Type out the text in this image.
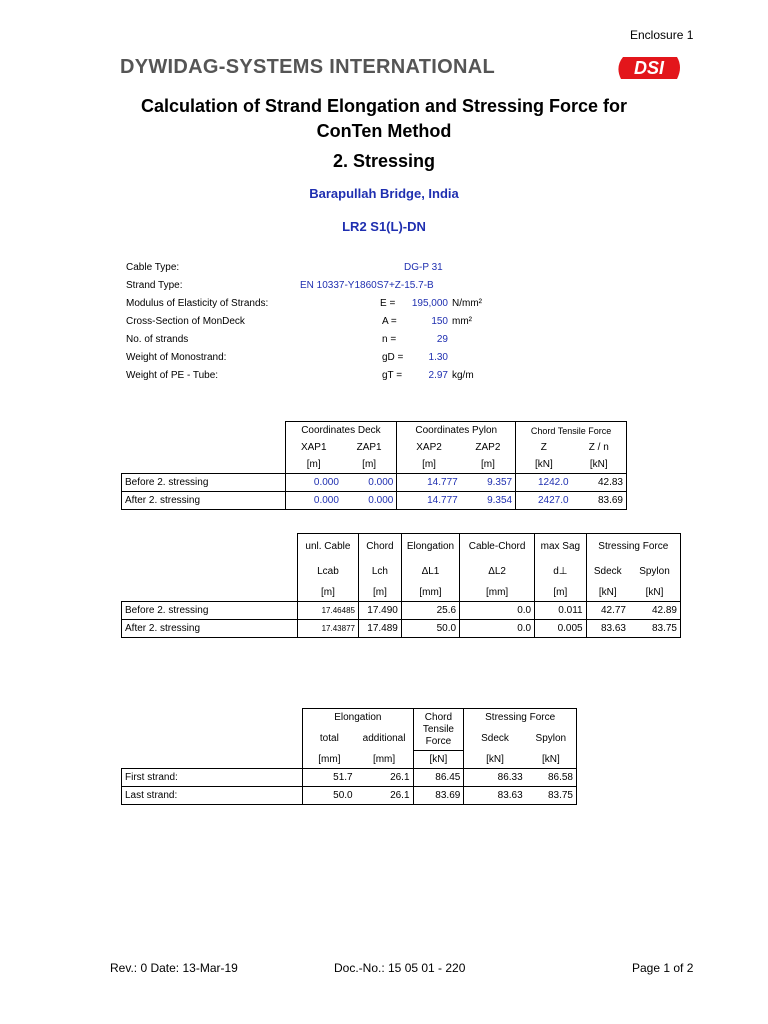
Enclosure 1
DYWIDAG-SYSTEMS INTERNATIONAL	DSI
Calculation of Strand Elongation and Stressing Force for
ConTen Method
2. Stressing
Barapullah Bridge, India
LR2 S1(L)-DN
Cable Type:	DG-P 31
Strand Type:	EN 10337-Y1860S7+Z-15.7-B
Modulus of Elasticity of Strands:	E =	195,000 N/mm²
Cross-Section of MonDeck	A =	150 mm²
No. of strands	n =	29
Weight of Monostrand:	gD =	1.30
Weight of PE - Tube:	gT =	2.97 kg/m
	Coordinates Deck		Coordinates Pylon		Chord Tensile Force	
	XAP1	ZAP1	XAP2	ZAP2	Z	Z / n
	[m]	[m]	[m]	[m]	[kN]	[kN]
Before 2. stressing	0.000	0.000	14.777	9.357	1242.0	42.83
After 2. stressing	0.000	0.000	14.777	9.354	2427.0	83.69
	unl. Cable	Chord	Elongation	Cable-Chord	max Sag	Stressing Force	
	Lcab	Lch	ΔL1	ΔL2	d⊥	Sdeck	Spylon
	[m]	[m]	[mm]	[mm]	[m]	[kN]	[kN]
Before 2. stressing	17.46485	17.490	25.6	0.0	0.011	42.77	42.89
After 2. stressing	17.43877	17.489	50.0	0.0	0.005	83.63	83.75
	Elongation		Chord Tensile Force	Stressing Force	
	total	additional		Sdeck	Spylon
	[mm]	[mm]	[kN]	[kN]	[kN]
First strand:	51.7	26.1	86.45	86.33	86.58
Last strand:	50.0	26.1	83.69	83.63	83.75
Rev.: 0 Date: 13-Mar-19	Doc.-No.: 15 05 01 - 220	Page 1 of 2
